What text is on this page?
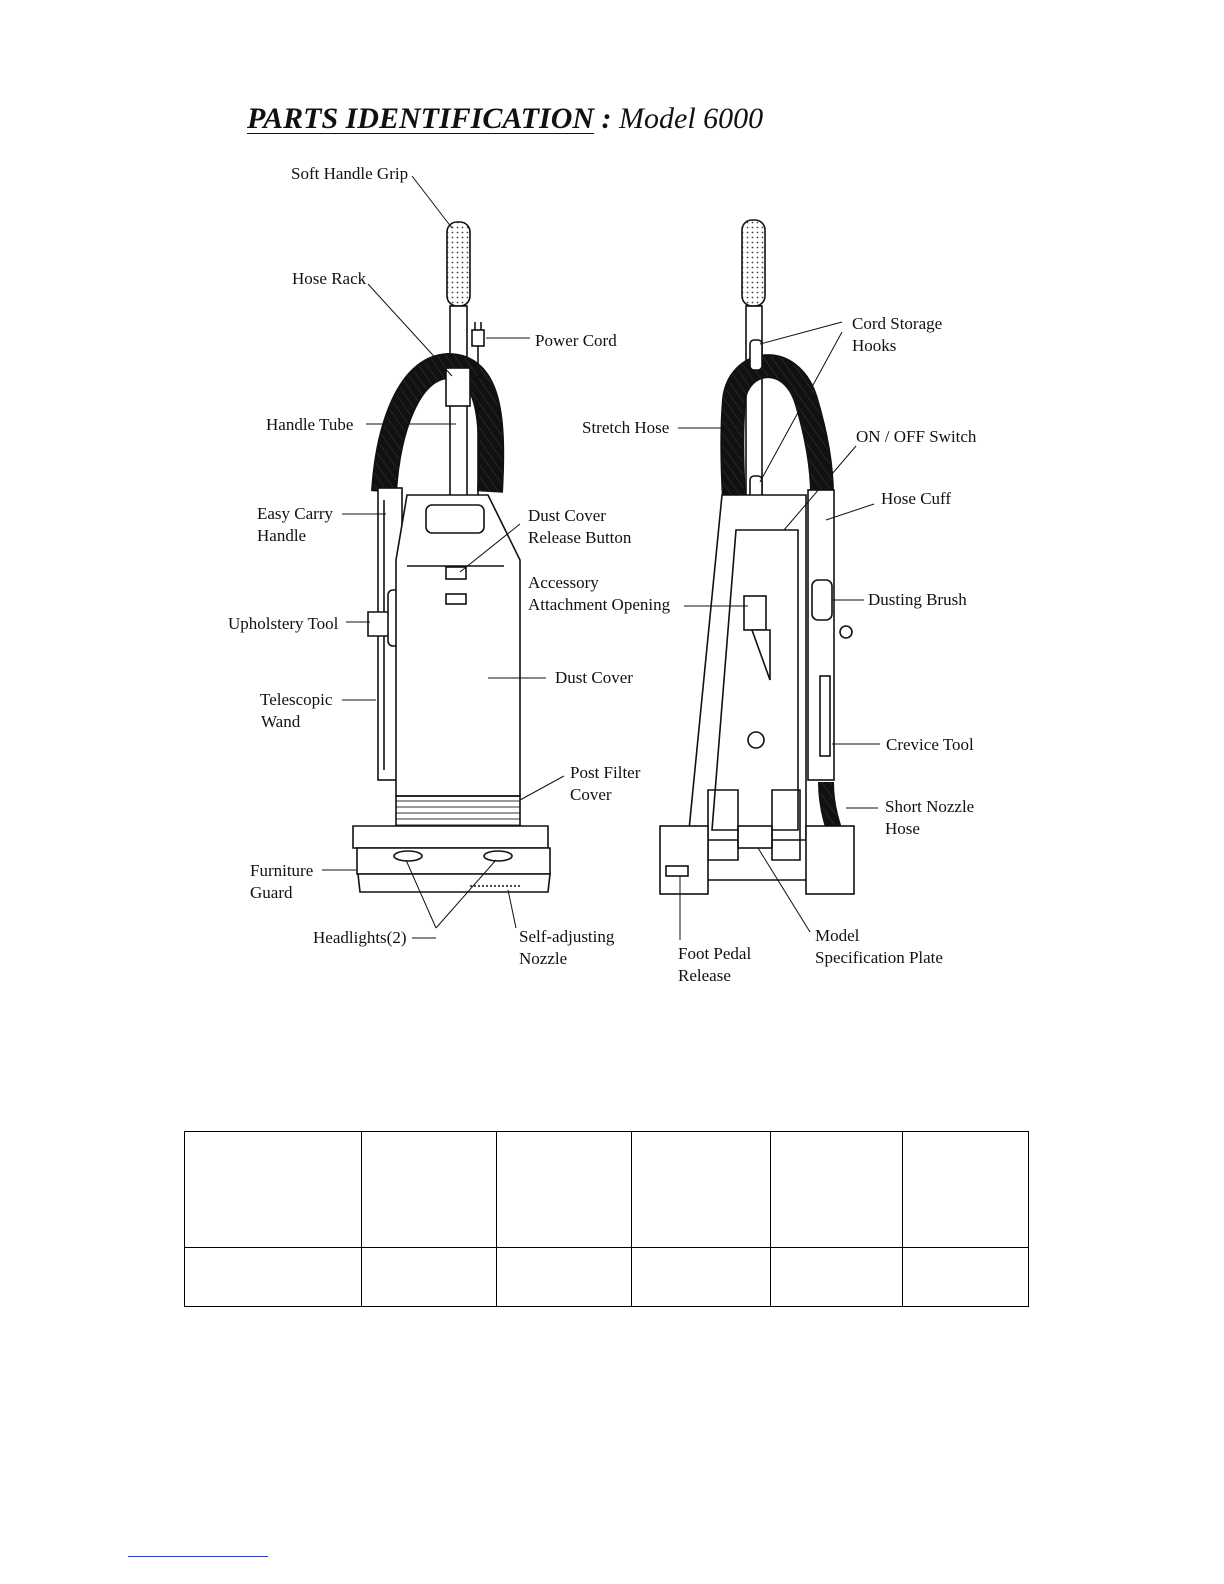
PARTS IDENTIFICATION : Model 6000
Soft Handle Grip
Hose Rack
Power Cord
Handle Tube
Easy Carry
Handle
Dust Cover
Release Button
Accessory
Attachment Opening
Upholstery Tool
Dust Cover
Telescopic
Wand
Post Filter
Cover
Furniture
Guard
Headlights(2)	Self-adjusting
Nozzle
Cord Storage
Hooks
Stretch Hose	ON / OFF Switch
Hose Cuff
Dusting Brush
Crevice Tool
Short Nozzle
Hose
Foot Pedal
Release
Model
Specification Plate
